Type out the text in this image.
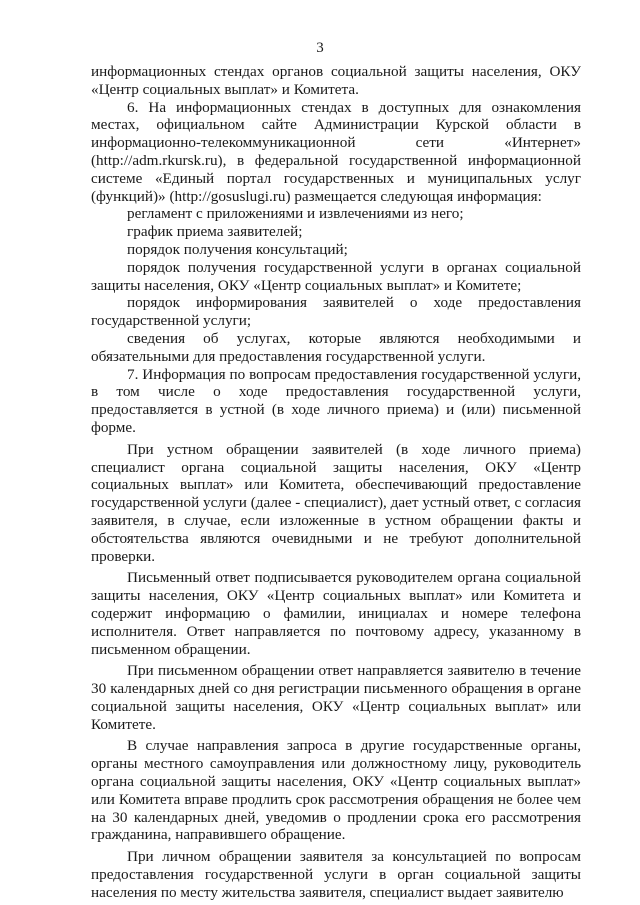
3

информационных стендах органов социальной защиты населения, ОКУ «Центр социальных выплат» и Комитета.

6. На информационных стендах в доступных для ознакомления местах, официальном сайте Администрации Курской области в информационно-телекоммуникационной сети «Интернет» (http://adm.rkursk.ru), в федеральной государственной информационной системе «Единый портал государственных и муниципальных услуг (функций)» (http://gosuslugi.ru) размещается следующая информация:

регламент с приложениями и извлечениями из него;

график приема заявителей;

порядок получения консультаций;

порядок получения государственной услуги в органах социальной защиты населения, ОКУ «Центр социальных выплат» и Комитете;

порядок информирования заявителей о ходе предоставления государственной услуги;

сведения об услугах, которые являются необходимыми и обязательными для предоставления государственной услуги.

7. Информация по вопросам предоставления государственной услуги, в том числе о ходе предоставления государственной услуги, предоставляется в устной (в ходе личного приема) и (или) письменной форме.

При устном обращении заявителей (в ходе личного приема) специалист органа социальной защиты населения, ОКУ «Центр социальных выплат» или Комитета, обеспечивающий предоставление государственной услуги (далее - специалист), дает устный ответ, с согласия заявителя, в случае, если изложенные в устном обращении факты и обстоятельства являются очевидными и не требуют дополнительной проверки.

Письменный ответ подписывается руководителем органа социальной защиты населения, ОКУ «Центр социальных выплат» или Комитета и содержит информацию о фамилии, инициалах и номере телефона исполнителя. Ответ направляется по почтовому адресу, указанному в письменном обращении.

При письменном обращении ответ направляется заявителю в течение 30 календарных дней со дня регистрации письменного обращения в органе социальной защиты населения, ОКУ «Центр социальных выплат» или Комитете.

В случае направления запроса в другие государственные органы, органы местного самоуправления или должностному лицу, руководитель органа социальной защиты населения, ОКУ «Центр социальных выплат» или Комитета вправе продлить срок рассмотрения обращения не более чем на 30 календарных дней, уведомив о продлении срока его рассмотрения гражданина, направившего обращение.

При личном обращении заявителя за консультацией по вопросам предоставления государственной услуги в орган социальной защиты населения по месту жительства заявителя, специалист выдает заявителю
